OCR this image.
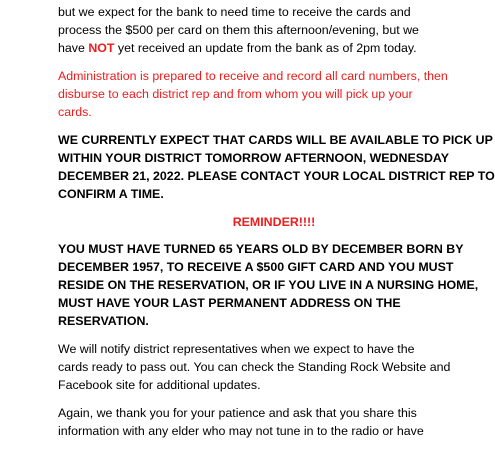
but we expect for the bank to need time to receive the cards and
process the $500 per card on them this afternoon/evening, but we
have NOT yet received an update from the bank as of 2pm today.
Administration is prepared to receive and record all card numbers, then
disburse to each district rep and from whom you will pick up your
cards.
WE CURRENTLY EXPECT THAT CARDS WILL BE AVAILABLE TO PICK UP
WITHIN YOUR DISTRICT TOMORROW AFTERNOON, WEDNESDAY
DECEMBER 21, 2022. PLEASE CONTACT YOUR LOCAL DISTRICT REP TO
CONFIRM A TIME.
REMINDER!!!!
YOU MUST HAVE TURNED 65 YEARS OLD BY DECEMBER BORN BY
DECEMBER 1957, TO RECEIVE A $500 GIFT CARD AND YOU MUST
RESIDE ON THE RESERVATION, OR IF YOU LIVE IN A NURSING HOME,
MUST HAVE YOUR LAST PERMANENT ADDRESS ON THE
RESERVATION.
We will notify district representatives when we expect to have the
cards ready to pass out. You can check the Standing Rock Website and
Facebook site for additional updates.
Again, we thank you for your patience and ask that you share this
information with any elder who may not tune in to the radio or have
